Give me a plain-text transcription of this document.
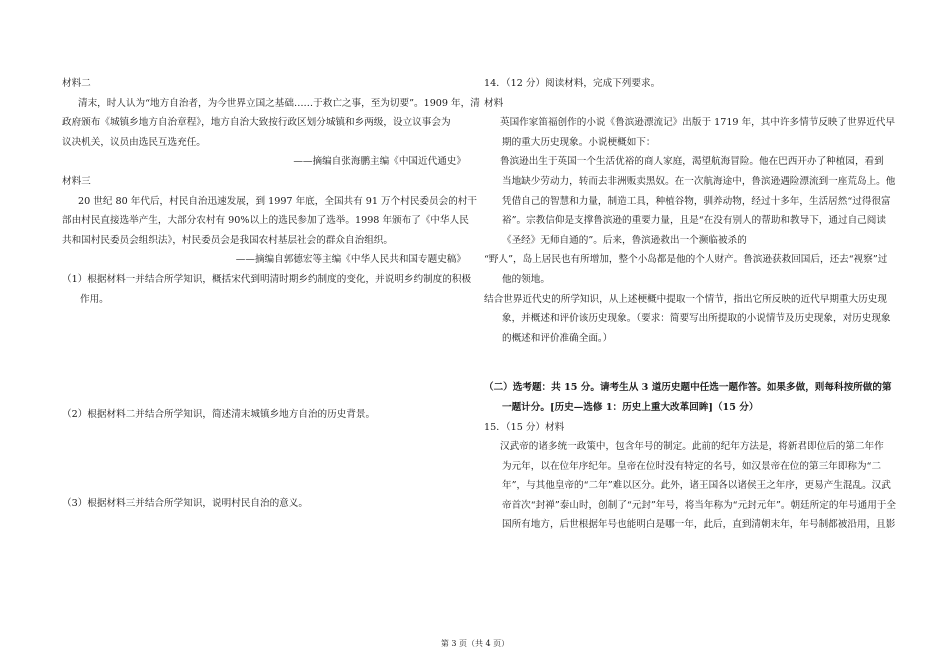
材料二
清末，时人认为“地方自治者，为今世界立国之基础……于救亡之事，至为切要”。1909 年，清
政府颁布《城镇乡地方自治章程》，地方自治大致按行政区划分城镇和乡两级，设立议事会为
议决机关，议员由选民互选充任。
——摘编自张海鹏主编《中国近代通史》
材料三
20 世纪 80 年代后，村民自治迅速发展，到 1997 年底，全国共有 91 万个村民委员会的村干
部由村民直接选举产生，大部分农村有 90%以上的选民参加了选举。1998 年颁布了《中华人民
共和国村民委员会组织法》，村民委员会是我国农村基层社会的群众自治组织。
——摘编自郭德宏等主编《中华人民共和国专题史稿》
（1）根据材料一并结合所学知识，概括宋代到明清时期乡约制度的变化，并说明乡约制度的积极
作用。
（2）根据材料二并结合所学知识，简述清末城镇乡地方自治的历史背景。
（3）根据材料三并结合所学知识，说明村民自治的意义。
14．（12 分）阅读材料，完成下列要求。
材料
英国作家笛福创作的小说《鲁滨逊漂流记》出版于 1719 年，其中许多情节反映了世界近代早
期的重大历史现象。小说梗概如下：
鲁滨逊出生于英国一个生活优裕的商人家庭，渴望航海冒险。他在巴西开办了种植园，看到
当地缺少劳动力，转而去非洲贩卖黑奴。在一次航海途中，鲁滨逊遇险漂流到一座荒岛上。他
凭借自己的智慧和力量，制造工具，种植谷物，驯养动物，经过十多年，生活居然“过得很富
裕”。宗教信仰是支撑鲁滨逊的重要力量，且是“在没有别人的帮助和教导下，通过自己阅读
《圣经》无师自通的”。后来，鲁滨逊救出一个濒临被杀的
“野人”，岛上居民也有所增加，整个小岛都是他的个人财产。鲁滨逊获救回国后，还去“视察”过
他的领地。
结合世界近代史的所学知识，从上述梗概中提取一个情节，指出它所反映的近代早期重大历史现
象，并概述和评价该历史现象。（要求：简要写出所提取的小说情节及历史现象，对历史现象
的概述和评价准确全面。）
（二）选考题：共 15 分。请考生从 3 道历史题中任选一题作答。如果多做，则每科按所做的第
一题计分。[历史—选修 1：历史上重大改革回眸]（15 分）
15．（15 分）材料
汉武帝的诸多统一政策中，包含年号的制定。此前的纪年方法是，将新君即位后的第二年作
为元年，以在位年序纪年。皇帝在位时没有特定的名号，如汉景帝在位的第三年即称为“二
年”，与其他皇帝的“二年”难以区分。此外，诸王国各以诸侯王之年序，更易产生混乱。汉武
帝首次“封禅”泰山时，创制了“元封”年号，将当年称为“元封元年”。朝廷所定的年号通用于全
国所有地方，后世根据年号也能明白是哪一年，此后，直到清朝末年，年号制都被沿用，且影
第 3 页（共 4 页）
